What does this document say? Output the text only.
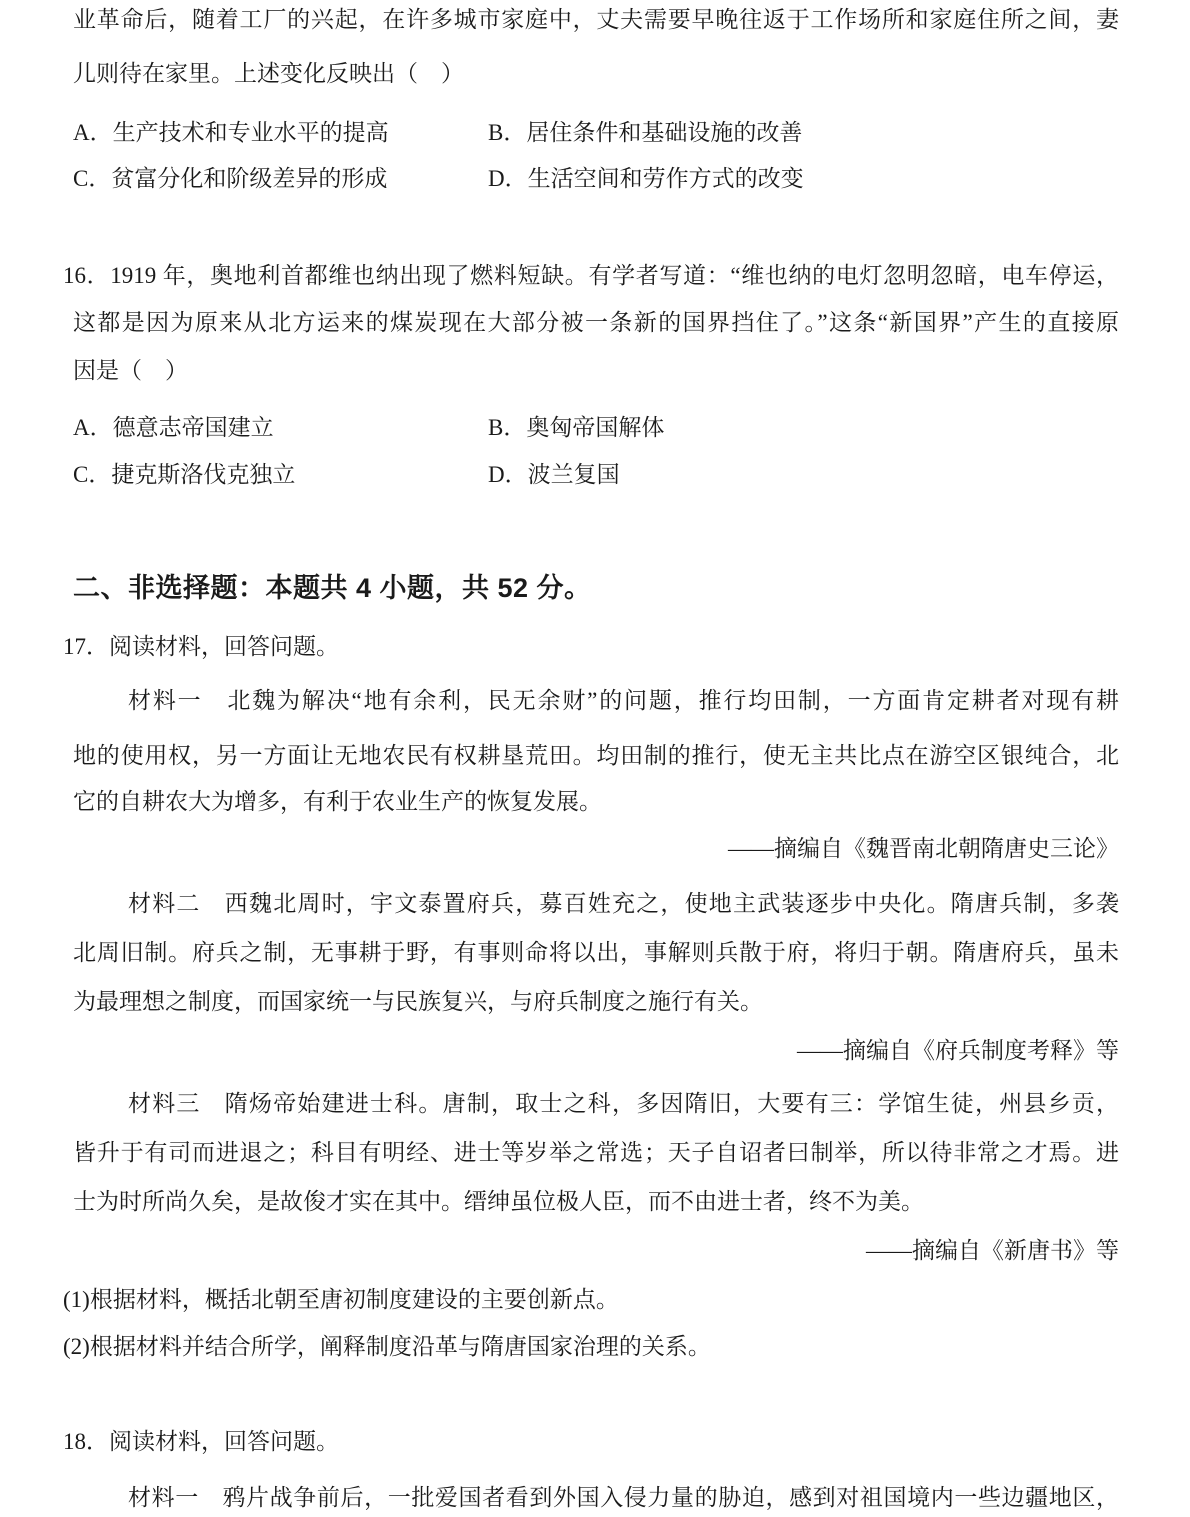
业革命后，随着工厂的兴起，在许多城市家庭中，丈夫需要早晚往返于工作场所和家庭住所之间，妻
儿则待在家里。上述变化反映出（　）
A．生产技术和专业水平的提高	B．居住条件和基础设施的改善
C．贫富分化和阶级差异的形成	D．生活空间和劳作方式的改变
16．1919 年，奥地利首都维也纳出现了燃料短缺。有学者写道：“维也纳的电灯忽明忽暗，电车停运，
这都是因为原来从北方运来的煤炭现在大部分被一条新的国界挡住了。”这条“新国界”产生的直接原
因是（　）
A．德意志帝国建立	B．奥匈帝国解体
C．捷克斯洛伐克独立	D．波兰复国
二、非选择题：本题共 4 小题，共 52 分。
17．阅读材料，回答问题。
材料一　北魏为解决“地有余利，民无余财”的问题，推行均田制，一方面肯定耕者对现有耕
地的使用权，另一方面让无地农民有权耕垦荒田。均田制的推行，使无主共比点在游空区银纯合，北
它的自耕农大为增多，有利于农业生产的恢复发展。
——摘编自《魏晋南北朝隋唐史三论》
材料二　西魏北周时，宇文泰置府兵，募百姓充之，使地主武装逐步中央化。隋唐兵制，多袭
北周旧制。府兵之制，无事耕于野，有事则命将以出，事解则兵散于府，将归于朝。隋唐府兵，虽未
为最理想之制度，而国家统一与民族复兴，与府兵制度之施行有关。
——摘编自《府兵制度考释》等
材料三　隋炀帝始建进士科。唐制，取士之科，多因隋旧，大要有三：学馆生徒，州县乡贡，
皆升于有司而进退之；科目有明经、进士等岁举之常选；天子自诏者曰制举，所以待非常之才焉。进
士为时所尚久矣，是故俊才实在其中。缙绅虽位极人臣，而不由进士者，终不为美。
——摘编自《新唐书》等
(1)根据材料，概括北朝至唐初制度建设的主要创新点。
(2)根据材料并结合所学，阐释制度沿革与隋唐国家治理的关系。
18．阅读材料，回答问题。
材料一　鸦片战争前后，一批爱国者看到外国入侵力量的胁迫，感到对祖国境内一些边疆地区，
